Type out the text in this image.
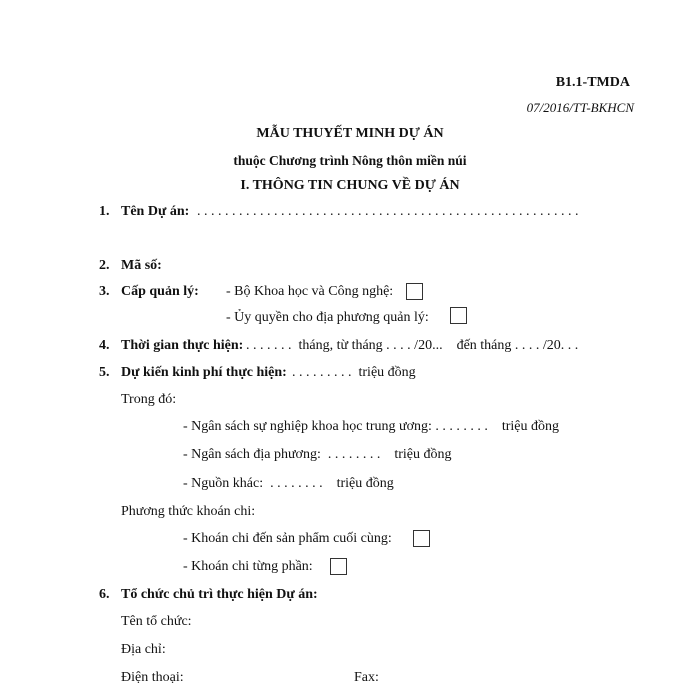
B1.1-TMDA
07/2016/TT-BKHCN
MẪU THUYẾT MINH DỰ ÁN
thuộc Chương trình Nông thôn miền núi
I. THÔNG TIN CHUNG VỀ DỰ ÁN
1. Tên Dự án: . . . . . . . . . . . . . . . . . . . . . . . . . . . . . . . . . . . . . . . . . . . . . . . . . . . . . . .
2. Mã số:
3. Cấp quản lý: - Bộ Khoa học và Công nghệ:
- Ủy quyền cho địa phương quản lý:
4. Thời gian thực hiện: . . . . . . .  tháng, từ tháng . . . . /20...    đến tháng . . . . /20. . .
5. Dự kiến kinh phí thực hiện: . . . . . . . . .  triệu đồng
Trong đó:
- Ngân sách sự nghiệp khoa học trung ương: . . . . . . . .    triệu đồng
- Ngân sách địa phương:  . . . . . . . .    triệu đồng
- Nguồn khác:  . . . . . . . .    triệu đồng
Phương thức khoán chi:
- Khoán chi đến sản phẩm cuối cùng:
- Khoán chi từng phần:
6. Tổ chức chủ trì thực hiện Dự án:
Tên tổ chức:
Địa chỉ:
Điện thoại:	Fax:
